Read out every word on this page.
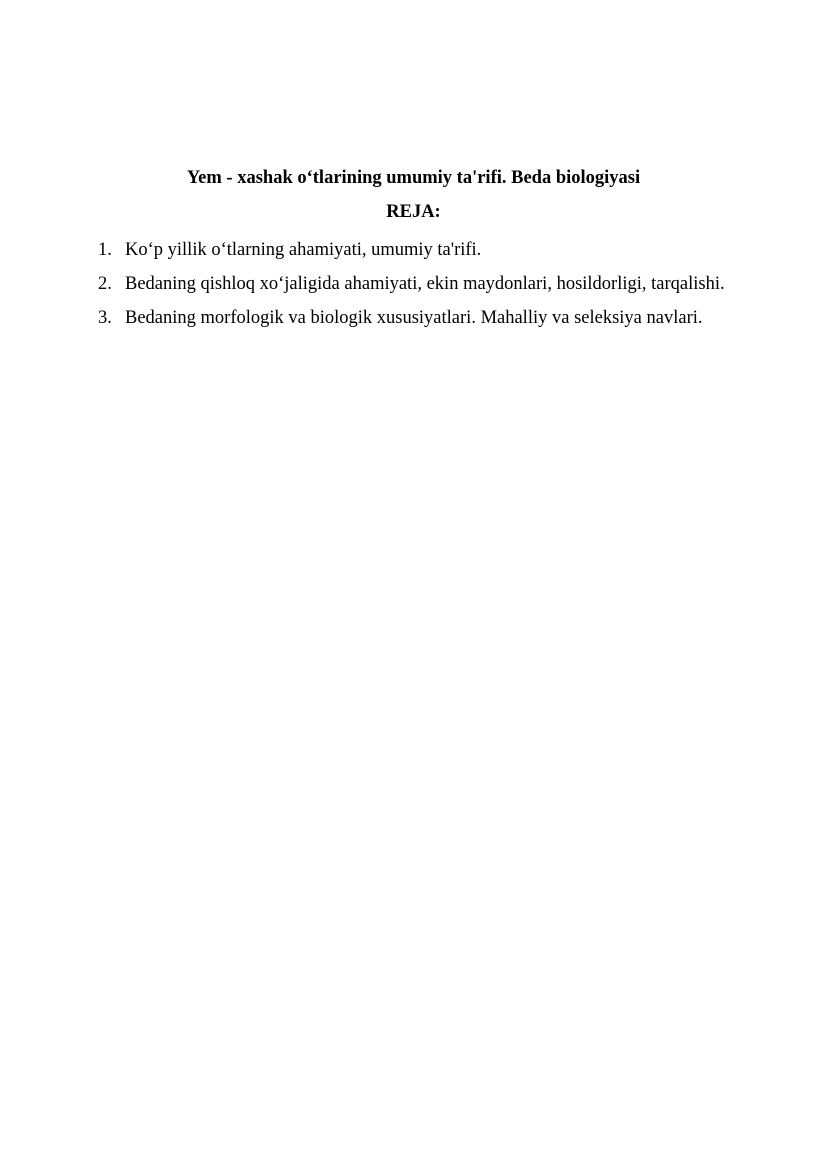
Yem - xashak o‘tlarining umumiy ta'rifi. Beda biologiyasi
REJA:
1. Ko‘p yillik o‘tlarning ahamiyati, umumiy ta'rifi.
2. Bedaning qishloq xo‘jaligida ahamiyati, ekin maydonlari, hosildorligi, tarqalishi.
3. Bedaning morfologik va biologik xususiyatlari. Mahalliy va seleksiya navlari.
